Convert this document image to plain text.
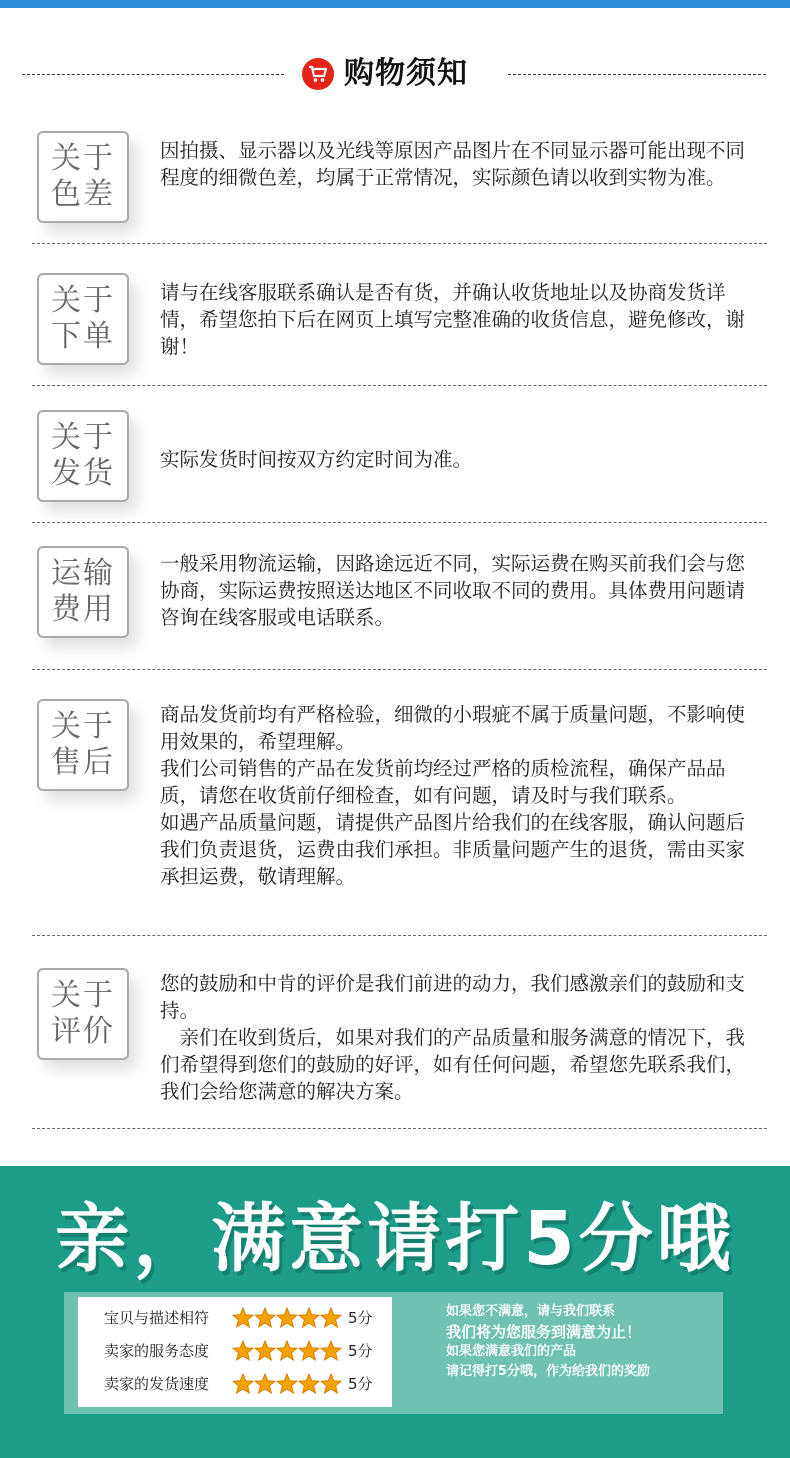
购物须知
关于
色差

因拍摄、显示器以及光线等原因产品图片在不同显示器可能出现不同程度的细微色差，均属于正常情况，实际颜色请以收到实物为准。

关于
下单

请与在线客服联系确认是否有货，并确认收货地址以及协商发货详情，希望您拍下后在网页上填写完整准确的收货信息，避免修改，谢谢！

关于
发货	实际发货时间按双方约定时间为准。

运输
费用

一般采用物流运输，因路途远近不同，实际运费在购买前我们会与您协商，实际运费按照送达地区不同收取不同的费用。具体费用问题请咨询在线客服或电话联系。

关于
售后

商品发货前均有严格检验，细微的小瑕疵不属于质量问题，不影响使用效果的，希望理解。

我们公司销售的产品在发货前均经过严格的质检流程，确保产品品质，请您在收货前仔细检查，如有问题，请及时与我们联系。

如遇产品质量问题，请提供产品图片给我们的在线客服，确认问题后我们负责退货，运费由我们承担。非质量问题产生的退货，需由买家承担运费，敬请理解。

关于
评价

您的鼓励和中肯的评价是我们前进的动力，我们感激亲们的鼓励和支持。

　亲们在收到货后，如果对我们的产品质量和服务满意的情况下，我们希望得到您们的鼓励的好评，如有任何问题，希望您先联系我们，我们会给您满意的解决方案。

亲，满意请打5分哦
宝贝与描述相符	5分
卖家的服务态度	5分
卖家的发货速度	5分
如果您不满意，请与我们联系
我们将为您服务到满意为止！
如果您满意我们的产品
请记得打5分哦，作为给我们的奖励
